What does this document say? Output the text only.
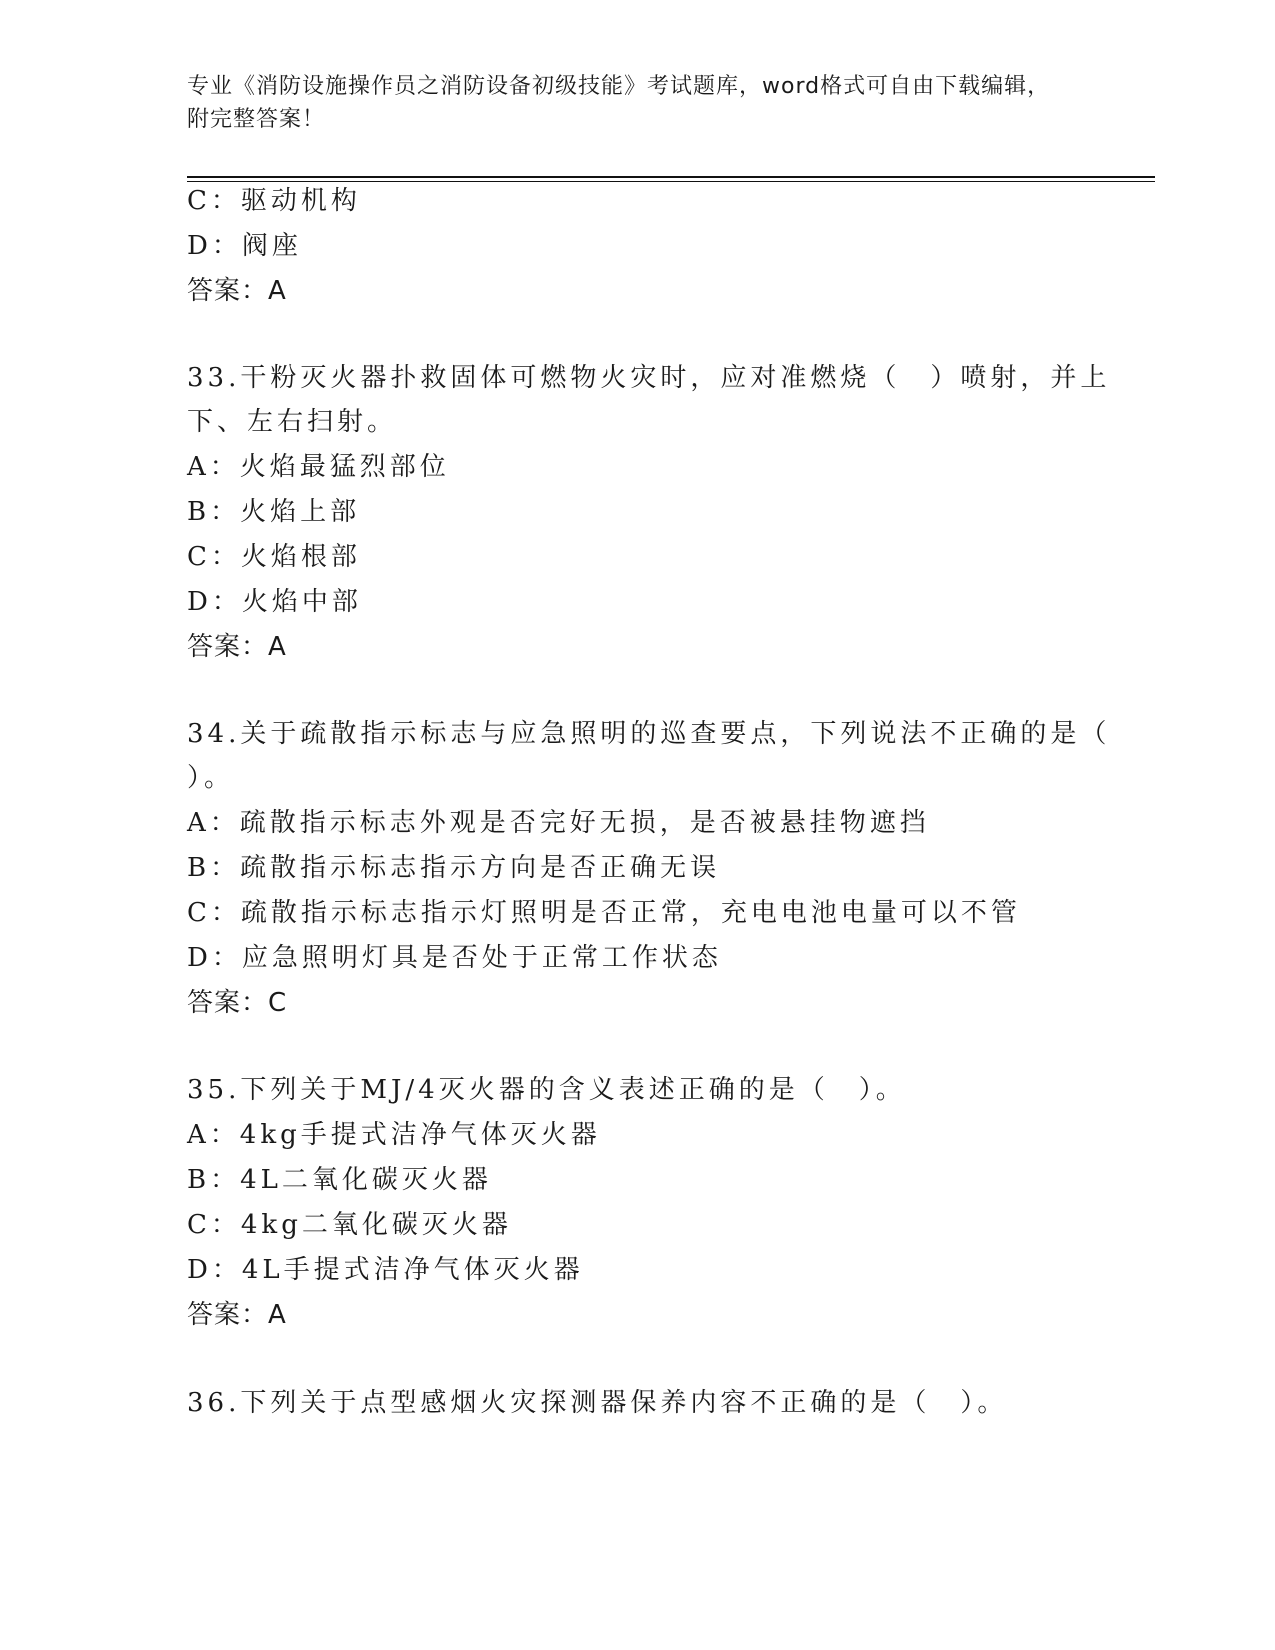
专业《消防设施操作员之消防设备初级技能》考试题库，word格式可自由下载编辑，附完整答案！
C：驱动机构
D：阀座
答案：A
33.干粉灭火器扑救固体可燃物火灾时，应对准燃烧（　）喷射，并上
下、左右扫射。
A：火焰最猛烈部位
B：火焰上部
C：火焰根部
D：火焰中部
答案：A
34.关于疏散指示标志与应急照明的巡查要点，下列说法不正确的是（
）。
A：疏散指示标志外观是否完好无损，是否被悬挂物遮挡
B：疏散指示标志指示方向是否正确无误
C：疏散指示标志指示灯照明是否正常，充电电池电量可以不管
D：应急照明灯具是否处于正常工作状态
答案：C
35.下列关于MJ/4灭火器的含义表述正确的是（　）。
A：4kg手提式洁净气体灭火器
B：4L二氧化碳灭火器
C：4kg二氧化碳灭火器
D：4L手提式洁净气体灭火器
答案：A
36.下列关于点型感烟火灾探测器保养内容不正确的是（　）。
